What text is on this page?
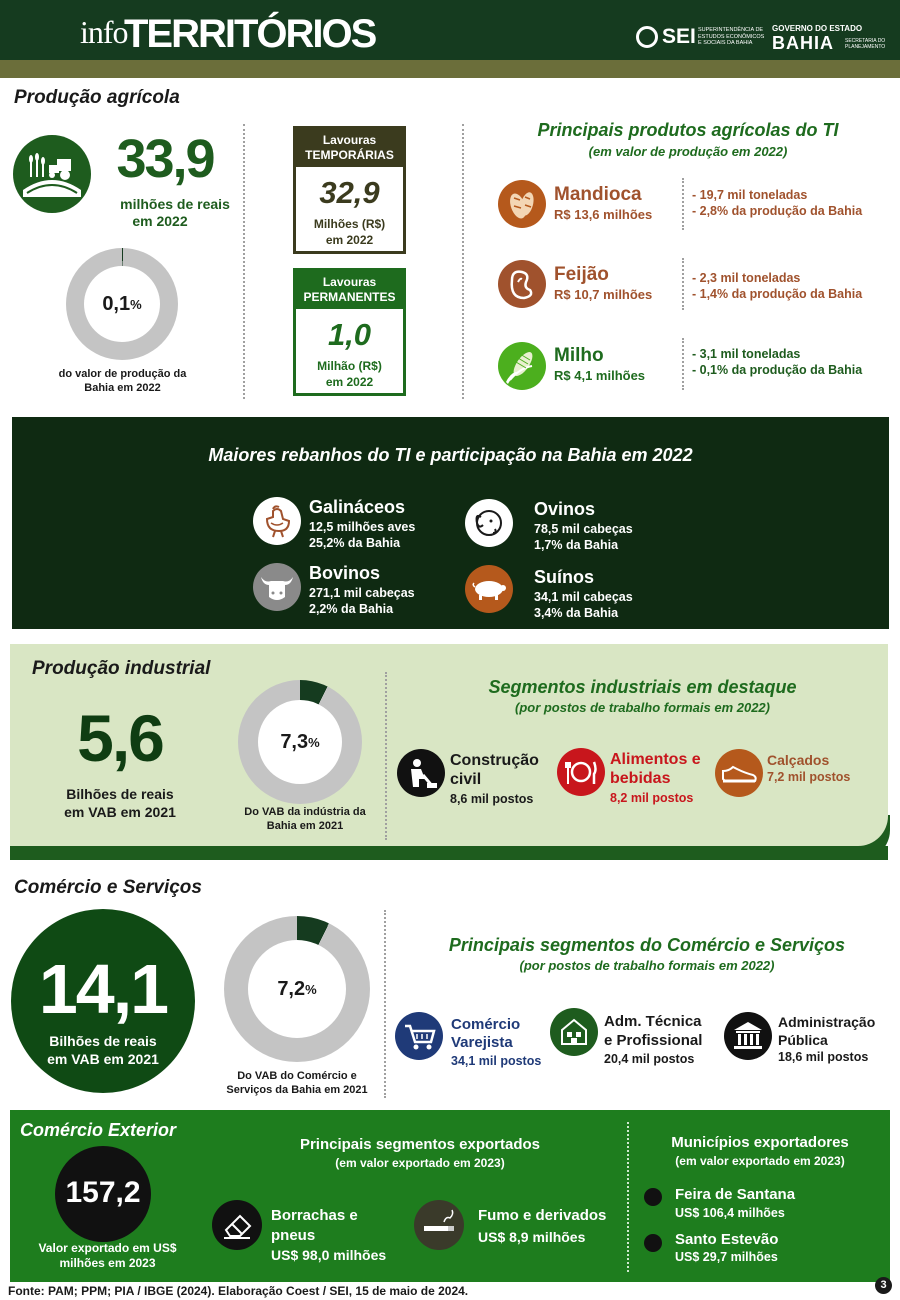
info
TERRITÓRIOS	SEI SUPERINTENDÊNCIA DE ESTUDOS ECONÔMICOS E SOCIAIS DA BAHIA
GOVERNO DO ESTADO
BAHIA SECRETARIA DO PLANEJAMENTO
Produção agrícola
33,9
milhões de reais
em 2022
0,1 %
do valor de produção da
Bahia em 2022
Lavouras
TEMPORÁRIAS
32,9
Milhões (R$)
em 2022
Lavouras
PERMANENTES
1,0
Milhão (R$)
em 2022
Principais produtos agrícolas do TI
(em valor de produção em 2022)
Mandioca
R$ 13,6 milhões
- 19,7 mil toneladas
- 2,8% da produção da Bahia
Feijão
R$ 10,7 milhões
- 2,3 mil toneladas
- 1,4% da produção da Bahia
Milho
R$ 4,1 milhões
- 3,1 mil toneladas
- 0,1% da produção da Bahia
Maiores rebanhos do TI e participação na Bahia em 2022
Galináceos
12,5 milhões aves
25,2% da Bahia
Ovinos
78,5 mil cabeças
1,7% da Bahia
Bovinos
271,1 mil cabeças
2,2% da Bahia
Suínos
34,1 mil cabeças
3,4% da Bahia
Produção industrial
5,6
Bilhões de reais
em VAB em 2021
7,3 %
Do VAB da indústria da
Bahia em 2021
Segmentos industriais em destaque
(por postos de trabalho formais em 2022)
Construção
civil
8,6 mil postos
Alimentos e
bebidas
8,2 mil postos
Calçados
7,2 mil postos
Comércio e Serviços
14,1
Bilhões de reais
em VAB em 2021
7,2 %
Do VAB do Comércio e
Serviços da Bahia em 2021
Principais segmentos do Comércio e Serviços
(por postos de trabalho formais em 2022)
Comércio
Varejista
34,1 mil postos
Adm. Técnica
e Profissional
20,4 mil postos
Administração
Pública
18,6 mil postos
Comércio Exterior
157,2
Valor exportado em US$
milhões em 2023
Principais segmentos exportados
(em valor exportado em 2023)
Borrachas e
pneus
US$ 98,0 milhões
Fumo e derivados
US$ 8,9 milhões
Municípios exportadores
(em valor exportado em 2023)
Feira de Santana
US$ 106,4 milhões
Santo Estevão
US$ 29,7 milhões
Fonte: PAM; PPM; PIA / IBGE (2024). Elaboração Coest / SEI, 15 de maio de 2024.	3
